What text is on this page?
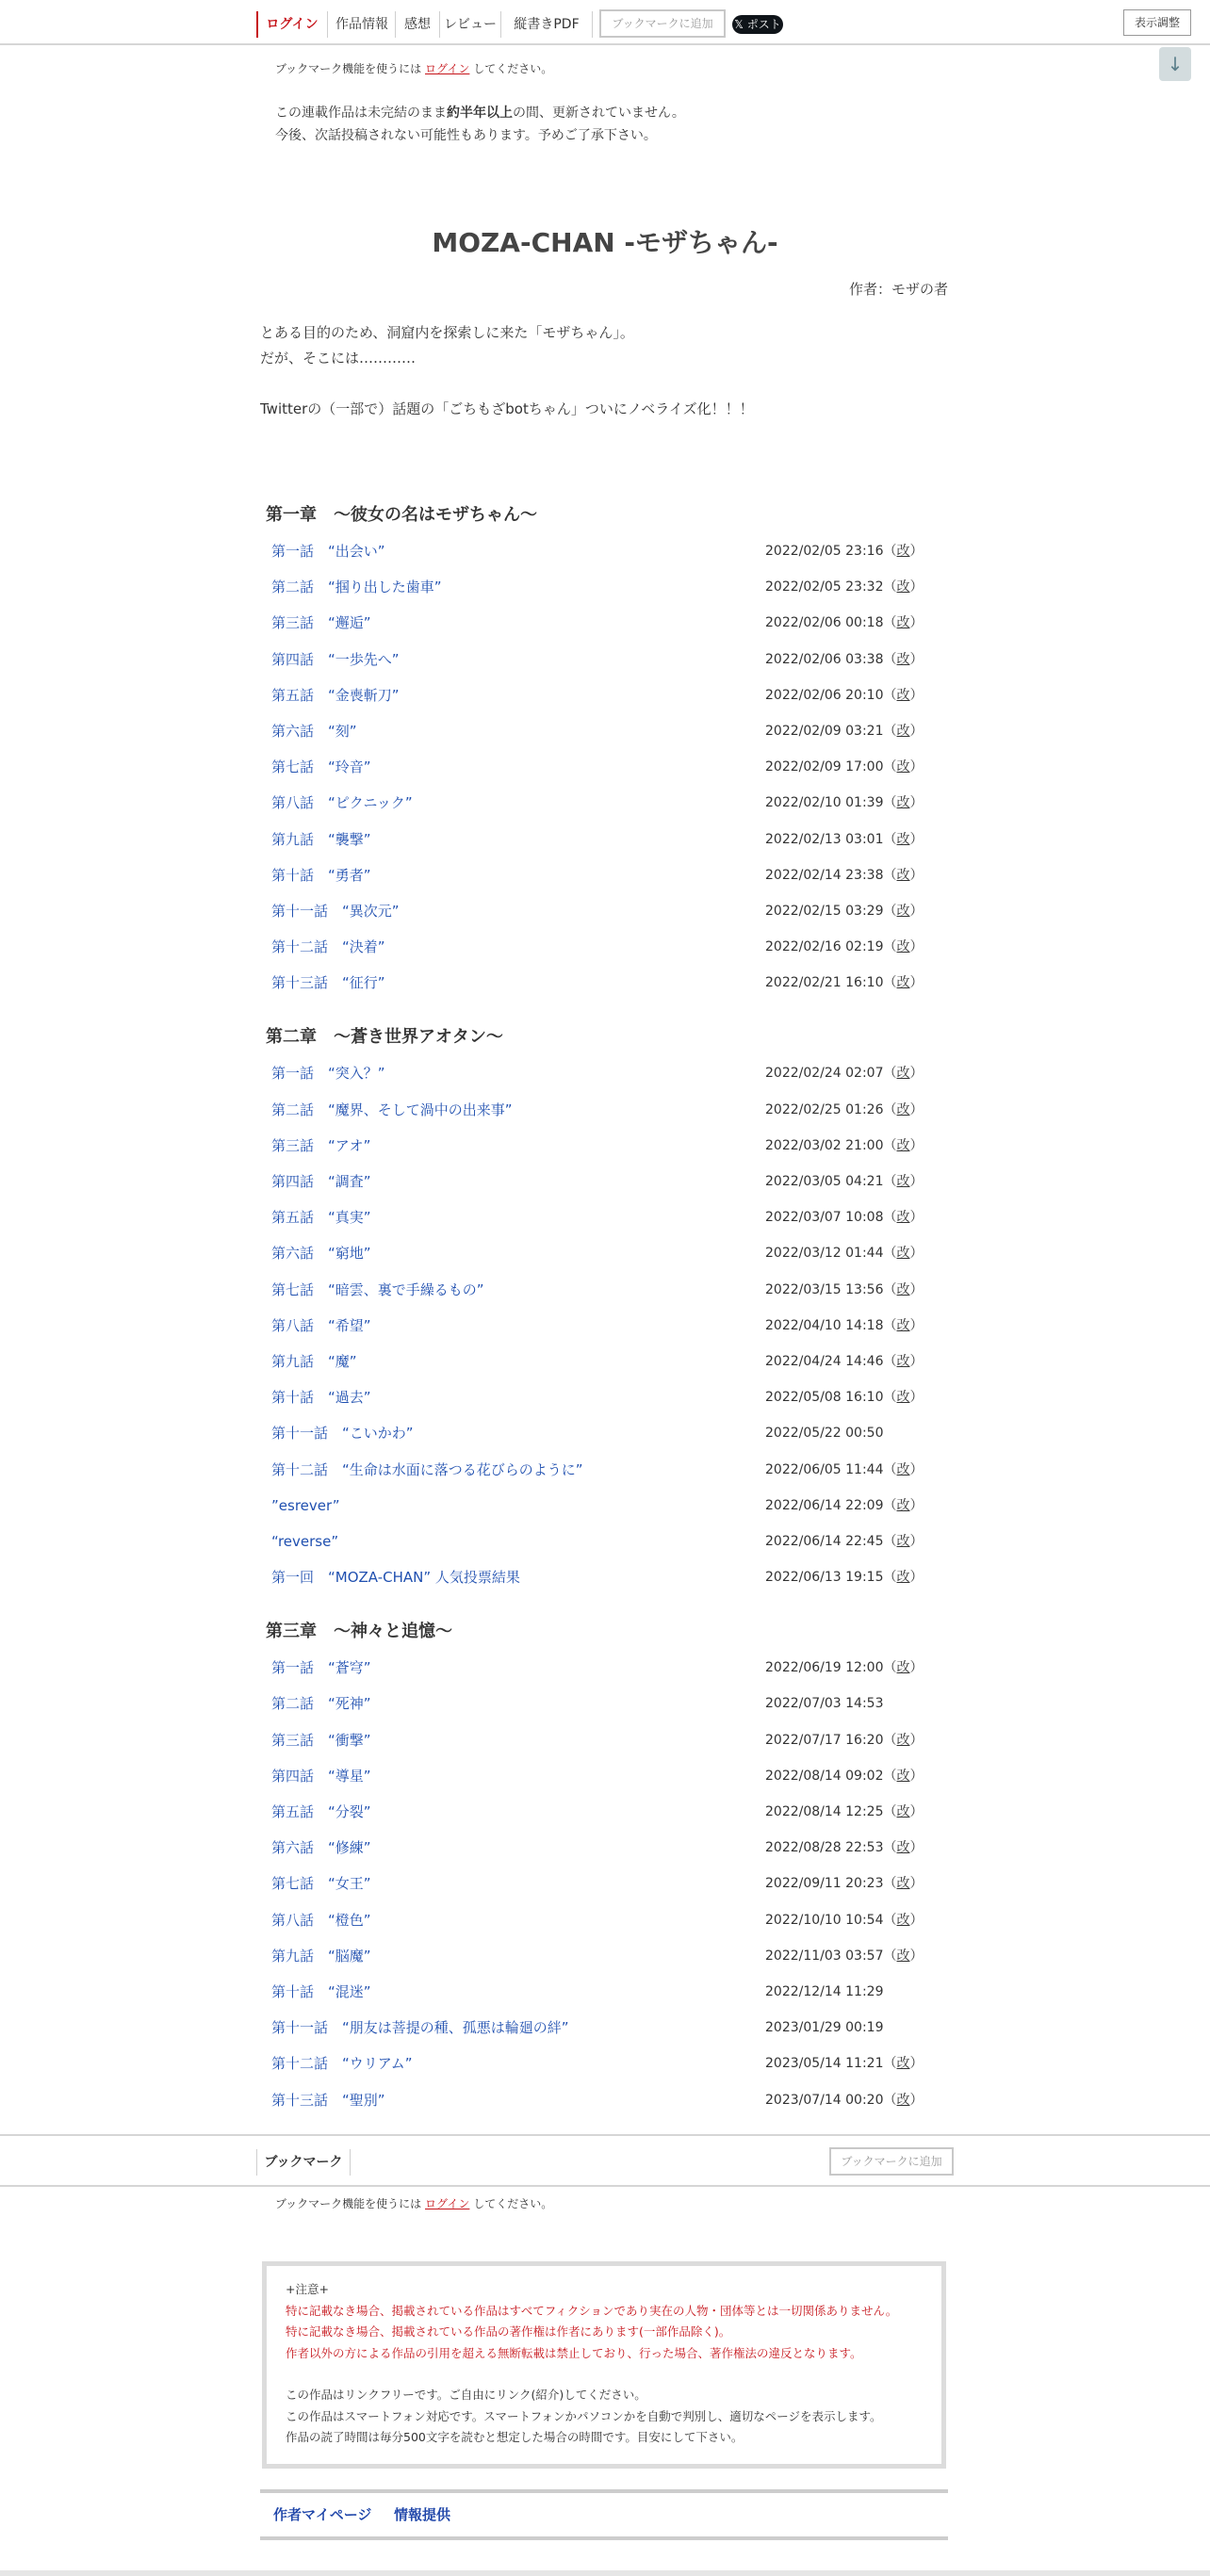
ログイン	作品情報	感想	レビュー	縦書きPDF	ブックマークに追加	𝕏 ポスト	表示調整
ブックマーク機能を使うには ログイン してください。	↓
この連載作品は未完結のまま約半年以上の間、更新されていません。
今後、次話投稿されない可能性もあります。予めご了承下さい。
MOZA-CHAN -モザちゃん-
作者：モザの者
とある目的のため、洞窟内を探索しに来た「モザちゃん」。
だが、そこには…………
Twitterの（一部で）話題の「ごちもざbotちゃん」ついにノベライズ化！！！
第一章　～彼女の名はモザちゃん～
第一話　“出会い”	2022/02/05 23:16（改）
第二話　“掴り出した歯車”	2022/02/05 23:32（改）
第三話　“邂逅”	2022/02/06 00:18（改）
第四話　“一歩先へ”	2022/02/06 03:38（改）
第五話　“金喪斬刀”	2022/02/06 20:10（改）
第六話　“刻”	2022/02/09 03:21（改）
第七話　“玲音”	2022/02/09 17:00（改）
第八話　“ピクニック”	2022/02/10 01:39（改）
第九話　“襲撃”	2022/02/13 03:01（改）
第十話　“勇者”	2022/02/14 23:38（改）
第十一話　“異次元”	2022/02/15 03:29（改）
第十二話　“決着”	2022/02/16 02:19（改）
第十三話　“征行”	2022/02/21 16:10（改）
第二章　～蒼き世界アオタン～
第一話　“突入？”	2022/02/24 02:07（改）
第二話　“魔界、そして渦中の出来事”	2022/02/25 01:26（改）
第三話　“アオ”	2022/03/02 21:00（改）
第四話　“調査”	2022/03/05 04:21（改）
第五話　“真実”	2022/03/07 10:08（改）
第六話　“窮地”	2022/03/12 01:44（改）
第七話　“暗雲、裏で手繰るもの”	2022/03/15 13:56（改）
第八話　“希望”	2022/04/10 14:18（改）
第九話　“魔”	2022/04/24 14:46（改）
第十話　“過去”	2022/05/08 16:10（改）
第十一話　“こいかわ”	2022/05/22 00:50
第十二話　“生命は水面に落つる花びらのように”	2022/06/05 11:44（改）
”esrever”	2022/06/14 22:09（改）
“reverse”	2022/06/14 22:45（改）
第一回　“MOZA-CHAN” 人気投票結果	2022/06/13 19:15（改）
第三章　～神々と追憶～
第一話　“蒼穹”	2022/06/19 12:00（改）
第二話　“死神”	2022/07/03 14:53
第三話　“衝撃”	2022/07/17 16:20（改）
第四話　“導星”	2022/08/14 09:02（改）
第五話　“分裂”	2022/08/14 12:25（改）
第六話　“修練”	2022/08/28 22:53（改）
第七話　“女王”	2022/09/11 20:23（改）
第八話　“橙色”	2022/10/10 10:54（改）
第九話　“脳魔”	2022/11/03 03:57（改）
第十話　“混迷”	2022/12/14 11:29
第十一話　“朋友は菩提の種、孤悪は輪廻の絆”	2023/01/29 00:19
第十二話　“ウリアム”	2023/05/14 11:21（改）
第十三話　“聖別”	2023/07/14 00:20（改）
ブックマーク	ブックマークに追加
ブックマーク機能を使うには ログイン してください。
+注意+
特に記載なき場合、掲載されている作品はすべてフィクションであり実在の人物・団体等とは一切関係ありません。
特に記載なき場合、掲載されている作品の著作権は作者にあります(一部作品除く)。
作者以外の方による作品の引用を超える無断転載は禁止しており、行った場合、著作権法の違反となります。
この作品はリンクフリーです。ご自由にリンク(紹介)してください。
この作品はスマートフォン対応です。スマートフォンかパソコンかを自動で判別し、適切なページを表示します。
作品の読了時間は毎分500文字を読むと想定した場合の時間です。目安にして下さい。
作者マイページ 情報提供
